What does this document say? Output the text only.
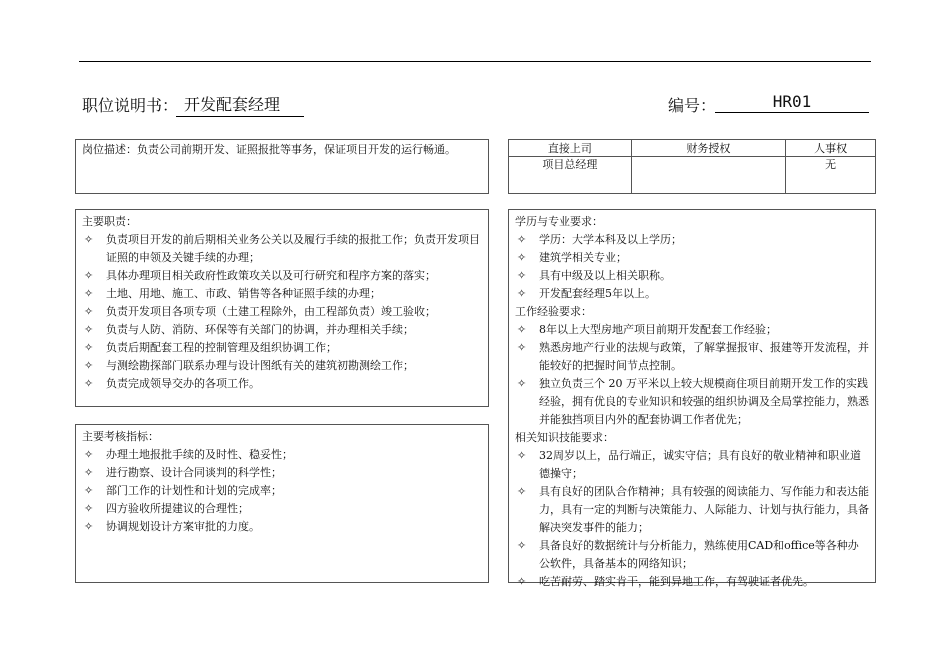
职位说明书： 开发配套经理	编号：	HR01
岗位描述：负责公司前期开发、证照报批等事务，保证项目开发的运行畅通。	直接上司	财务授权	人事权
项目总经理		无

主要职责：

✧ 负责项目开发的前后期相关业务公关以及履行手续的报批工作；负责开发项目证照的申领及关键手续的办理；
✧ 具体办理项目相关政府性政策攻关以及可行研究和程序方案的落实；
✧ 土地、用地、施工、市政、销售等各种证照手续的办理；
✧ 负责开发项目各项专项（土建工程除外，由工程部负责）竣工验收；
✧ 负责与人防、消防、环保等有关部门的协调，并办理相关手续；
✧ 负责后期配套工程的控制管理及组织协调工作；
✧ 与测绘勘探部门联系办理与设计图纸有关的建筑初勘测绘工作；
✧ 负责完成领导交办的各项工作。

主要考核指标：

✧ 办理土地报批手续的及时性、稳妥性；
✧ 进行勘察、设计合同谈判的科学性；
✧ 部门工作的计划性和计划的完成率；
✧ 四方验收所提建议的合理性；
✧ 协调规划设计方案审批的力度。

学历与专业要求：

✧ 学历：大学本科及以上学历；
✧ 建筑学相关专业；
✧ 具有中级及以上相关职称。
✧ 开发配套经理5年以上。

工作经验要求：

✧ 8年以上大型房地产项目前期开发配套工作经验；
✧ 熟悉房地产行业的法规与政策，了解掌握报审、报建等开发流程，并能较好的把握时间节点控制。
✧ 独立负责三个 20 万平米以上较大规模商住项目前期开发工作的实践经验，拥有优良的专业知识和较强的组织协调及全局掌控能力，熟悉并能独挡项目内外的配套协调工作者优先；

相关知识技能要求：

✧ 32周岁以上，品行端正，诚实守信；具有良好的敬业精神和职业道德操守；
✧ 具有良好的团队合作精神；具有较强的阅读能力、写作能力和表达能力，具有一定的判断与决策能力、人际能力、计划与执行能力，具备解决突发事件的能力；
✧ 具备良好的数据统计与分析能力，熟练使用CAD和office等各种办公软件，具备基本的网络知识；
✧ 吃苦耐劳、踏实肯干，能到异地工作，有驾驶证者优先。
